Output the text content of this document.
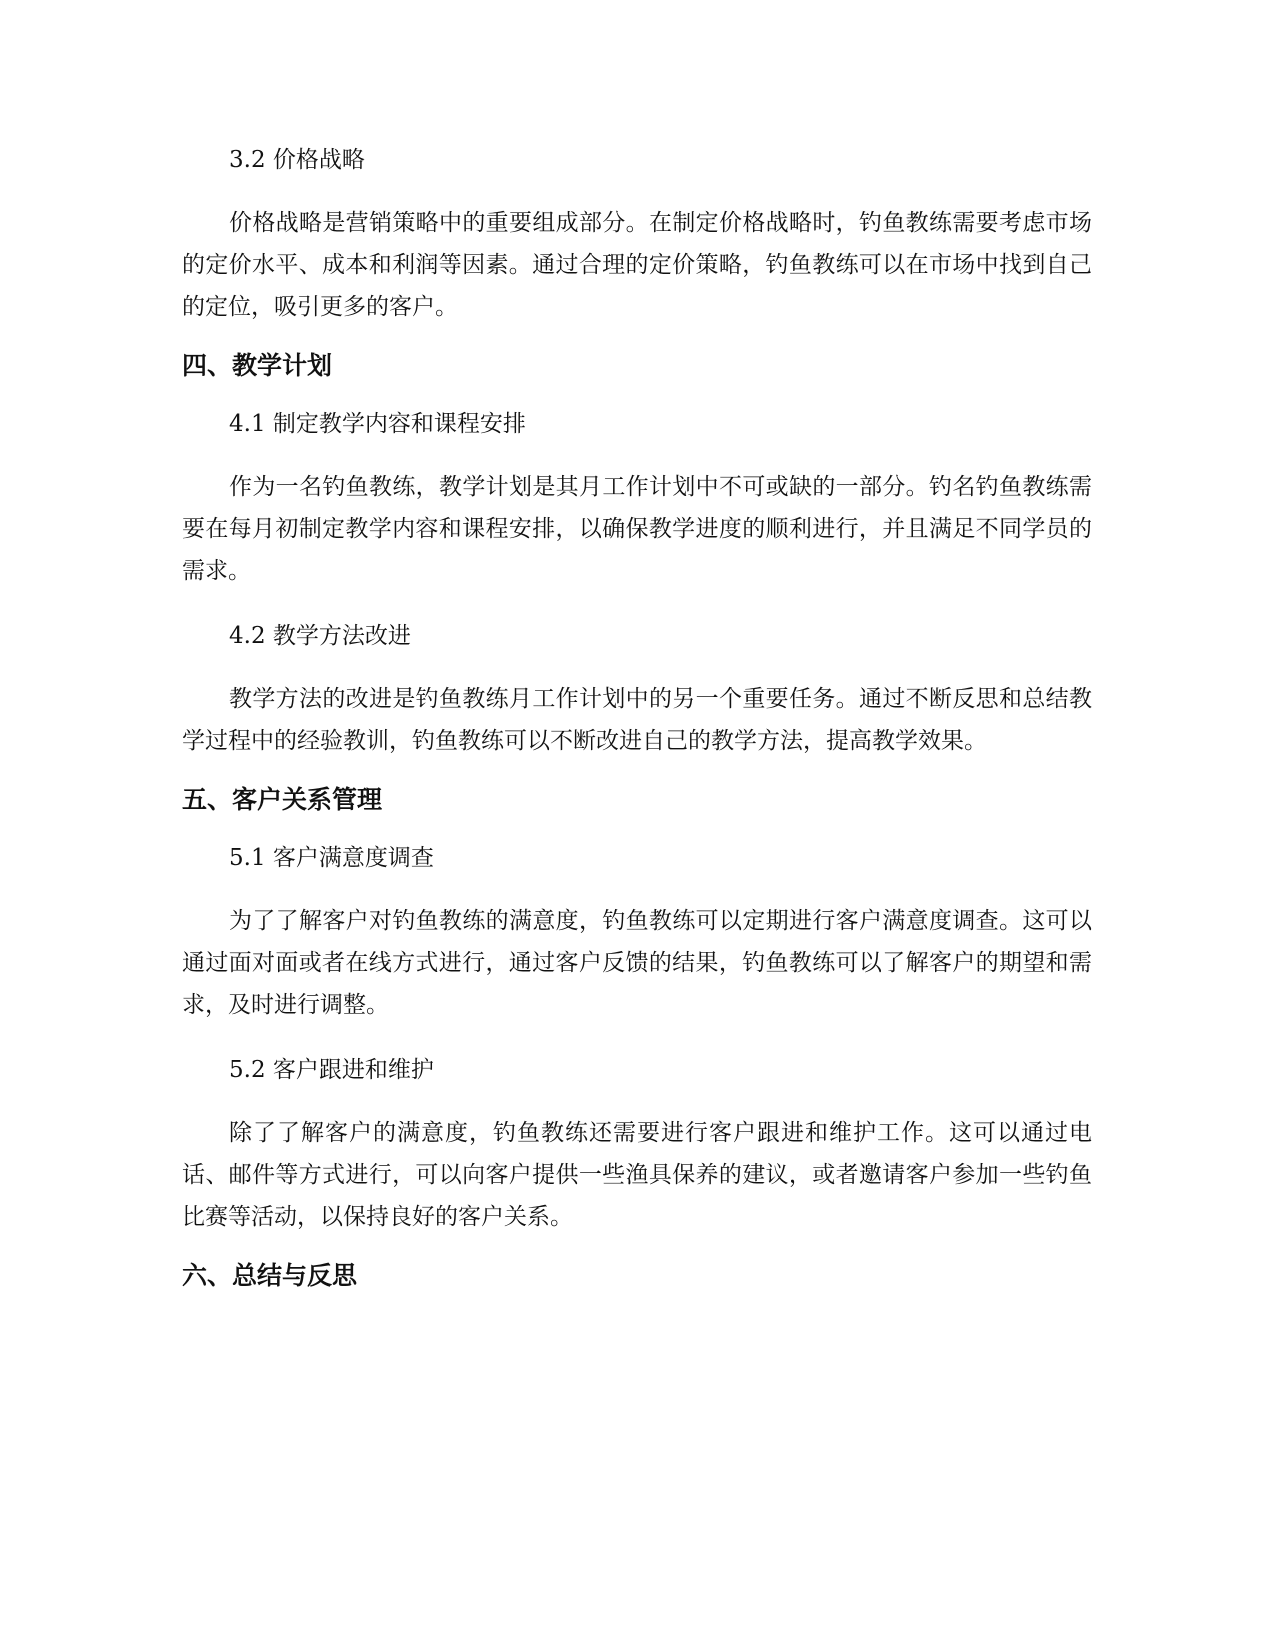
3.2 价格战略

价格战略是营销策略中的重要组成部分。在制定价格战略时，钓鱼教练需要考虑市场的定价水平、成本和利润等因素。通过合理的定价策略，钓鱼教练可以在市场中找到自己的定位，吸引更多的客户。

四、教学计划

4.1 制定教学内容和课程安排

作为一名钓鱼教练，教学计划是其月工作计划中不可或缺的一部分。钓名钓鱼教练需要在每月初制定教学内容和课程安排，以确保教学进度的顺利进行，并且满足不同学员的需求。

4.2 教学方法改进

教学方法的改进是钓鱼教练月工作计划中的另一个重要任务。通过不断反思和总结教学过程中的经验教训，钓鱼教练可以不断改进自己的教学方法，提高教学效果。

五、客户关系管理

5.1 客户满意度调查

为了了解客户对钓鱼教练的满意度，钓鱼教练可以定期进行客户满意度调查。这可以通过面对面或者在线方式进行，通过客户反馈的结果，钓鱼教练可以了解客户的期望和需求，及时进行调整。

5.2 客户跟进和维护

除了了解客户的满意度，钓鱼教练还需要进行客户跟进和维护工作。这可以通过电话、邮件等方式进行，可以向客户提供一些渔具保养的建议，或者邀请客户参加一些钓鱼比赛等活动，以保持良好的客户关系。

六、总结与反思
